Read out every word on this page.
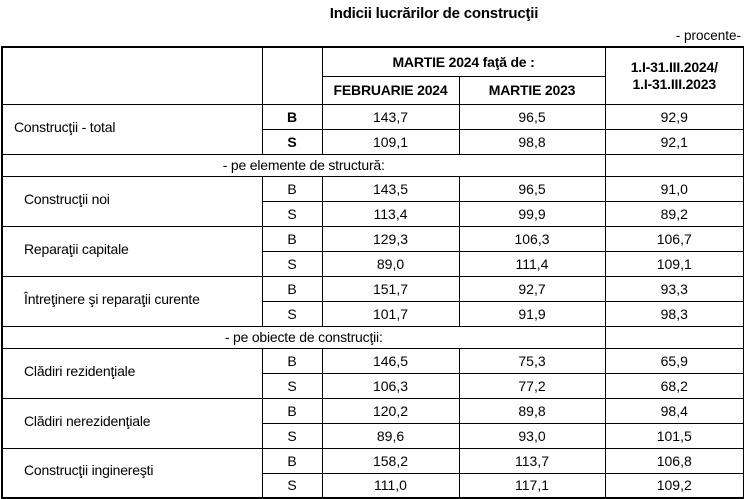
Indicii lucrărilor de construcţii
- procente-
		MARTIE 2024 faţă de :		1.I-31.III.2024/
1.I-31.III.2023

		FEBRUARIE 2024	MARTIE 2023	
Construcţii - total	B	143,7	96,5	92,9
	S	109,1	98,8	92,1
- pe elemente de structură:				
Construcţii noi	B	143,5	96,5	91,0
	S	113,4	99,9	89,2
Reparaţii capitale	B	129,3	106,3	106,7
	S	89,0	111,4	109,1
Întreţinere şi reparaţii curente	B	151,7	92,7	93,3
	S	101,7	91,9	98,3
- pe obiecte de construcţii:				
Clădiri rezidenţiale	B	146,5	75,3	65,9
	S	106,3	77,2	68,2
Clădiri nerezidenţiale	B	120,2	89,8	98,4
	S	89,6	93,0	101,5
Construcţii inginereşti	B	158,2	113,7	106,8
	S	111,0	117,1	109,2
